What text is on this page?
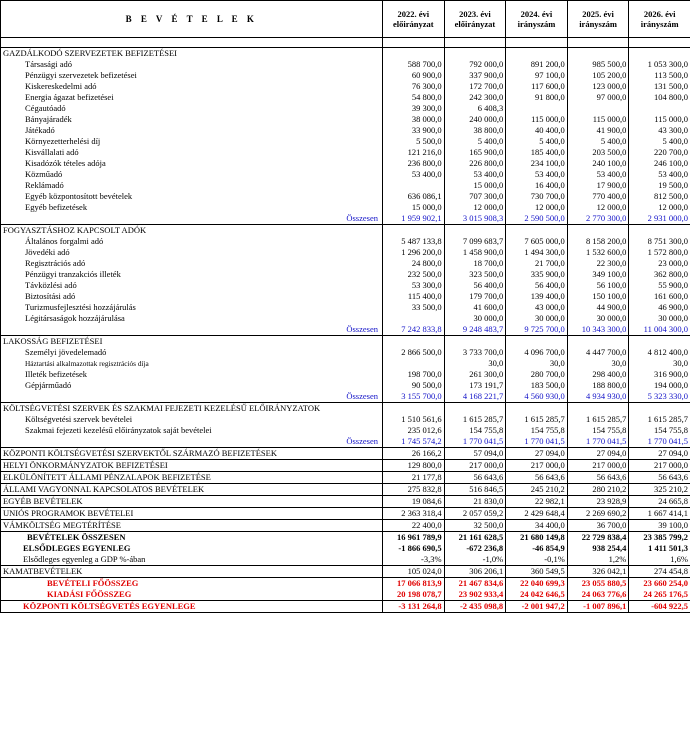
B E V É T E L E K	2022. évi előirányzat	2023. évi előirányzat	2024. évi irányszám	2025. évi irányszám	2026. évi irányszám

GAZDÁLKODÓ SZERVEZETEK BEFIZETÉSEI					
Társasági adó	588 700,0	792 000,0	891 200,0	985 500,0	1 053 300,0
Pénzügyi szervezetek befizetései	60 900,0	337 900,0	97 100,0	105 200,0	113 500,0
Kiskereskedelmi adó	76 300,0	172 700,0	117 600,0	123 000,0	131 500,0
Energia ágazat befizetései	54 800,0	242 300,0	91 800,0	97 000,0	104 800,0
Cégautóadó	39 300,0	6 408,3			
Bányajáradék	38 000,0	240 000,0	115 000,0	115 000,0	115 000,0
Játékadó	33 900,0	38 800,0	40 400,0	41 900,0	43 300,0
Környezetterhelési díj	5 500,0	5 400,0	5 400,0	5 400,0	5 400,0
Kisvállalati adó	121 216,0	165 900,0	185 400,0	203 500,0	220 700,0
Kisadózók tételes adója	236 800,0	226 800,0	234 100,0	240 100,0	246 100,0
Közműadó	53 400,0	53 400,0	53 400,0	53 400,0	53 400,0
Reklámadó		15 000,0	16 400,0	17 900,0	19 500,0
Egyéb központosított bevételek	636 086,1	707 300,0	730 700,0	770 400,0	812 500,0
Egyéb befizetések	15 000,0	12 000,0	12 000,0	12 000,0	12 000,0
Összesen	1 959 902,1	3 015 908,3	2 590 500,0	2 770 300,0	2 931 000,0
FOGYASZTÁSHOZ KAPCSOLT ADÓK					
Általános forgalmi adó	5 487 133,8	7 099 683,7	7 605 000,0	8 158 200,0	8 751 300,0
Jövedéki adó	1 296 200,0	1 458 900,0	1 494 300,0	1 532 600,0	1 572 800,0
Regisztrációs adó	24 800,0	18 700,0	21 700,0	22 300,0	23 000,0
Pénzügyi tranzakciós illeték	232 500,0	323 500,0	335 900,0	349 100,0	362 800,0
Távközlési adó	53 300,0	56 400,0	56 400,0	56 100,0	55 900,0
Biztosítási adó	115 400,0	179 700,0	139 400,0	150 100,0	161 600,0
Turizmusfejlesztési hozzájárulás	33 500,0	41 600,0	43 000,0	44 900,0	46 900,0
Légitársaságok hozzájárulása		30 000,0	30 000,0	30 000,0	30 000,0
Összesen	7 242 833,8	9 248 483,7	9 725 700,0	10 343 300,0	11 004 300,0
LAKOSSÁG BEFIZETÉSEI					
Személyi jövedelemadó	2 866 500,0	3 733 700,0	4 096 700,0	4 447 700,0	4 812 400,0
Háztartási alkalmazottak regisztrációs díja		30,0	30,0	30,0	30,0
Illeték befizetések	198 700,0	261 300,0	280 700,0	298 400,0	316 900,0
Gépjárműadó	90 500,0	173 191,7	183 500,0	188 800,0	194 000,0
Összesen	3 155 700,0	4 168 221,7	4 560 930,0	4 934 930,0	5 323 330,0
KÖLTSÉGVETÉSI SZERVEK ÉS SZAKMAI FEJEZETI KEZELÉSŰ ELŐIRÁNYZATOK					
Költségvetési szervek bevételei	1 510 561,6	1 615 285,7	1 615 285,7	1 615 285,7	1 615 285,7
Szakmai fejezeti kezelésű előirányzatok saját bevételei	235 012,6	154 755,8	154 755,8	154 755,8	154 755,8
Összesen	1 745 574,2	1 770 041,5	1 770 041,5	1 770 041,5	1 770 041,5
KÖZPONTI KÖLTSÉGVETÉSI SZERVEKTŐL SZÁRMAZÓ BEFIZETÉSEK	26 166,2	57 094,0	27 094,0	27 094,0	27 094,0
HELYI ÖNKORMÁNYZATOK BEFIZETÉSEI	129 800,0	217 000,0	217 000,0	217 000,0	217 000,0
ELKÜLÖNÍTETT ÁLLAMI PÉNZALAPOK BEFIZETÉSE	21 177,8	56 643,6	56 643,6	56 643,6	56 643,6
ÁLLAMI VAGYONNAL KAPCSOLATOS BEVÉTELEK	275 832,8	516 846,5	245 210,2	280 210,2	325 210,2
EGYÉB BEVÉTELEK	19 084,6	21 830,0	22 982,1	23 928,9	24 665,8
UNIÓS PROGRAMOK BEVÉTELEI	2 363 318,4	2 057 059,2	2 429 648,4	2 269 690,2	1 667 414,1
VÁMKÖLTSÉG MEGTÉRÍTÉSE	22 400,0	32 500,0	34 400,0	36 700,0	39 100,0
BEVÉTELEK ÖSSZESEN	16 961 789,9	21 161 628,5	21 680 149,8	22 729 838,4	23 385 799,2
ELSŐDLEGES EGYENLEG	-1 866 690,5	-672 236,8	-46 854,9	938 254,4	1 411 501,3
Elsődleges egyenleg a GDP %-ában	-3,3%	-1,0%	-0,1%	1,2%	1,6%
KAMATBEVÉTELEK	105 024,0	306 206,1	360 549,5	326 042,1	274 454,8
BEVÉTELI FŐÖSSZEG	17 066 813,9	21 467 834,6	22 040 699,3	23 055 880,5	23 660 254,0
KIADÁSI FŐÖSSZEG	20 198 078,7	23 902 933,4	24 042 646,5	24 063 776,6	24 265 176,5
KÖZPONTI KÖLTSÉGVETÉS EGYENLEGE	-3 131 264,8	-2 435 098,8	-2 001 947,2	-1 007 896,1	-604 922,5
